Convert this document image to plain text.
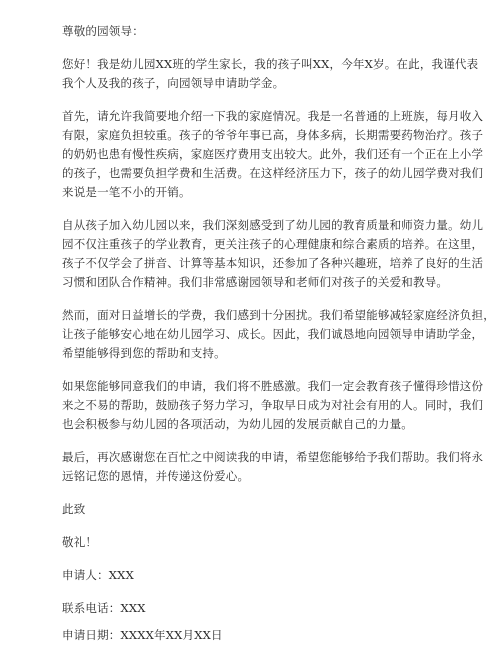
尊敬的园领导：
您好！我是幼儿园XX班的学生家长，我的孩子叫XX，今年X岁。在此，我谨代表
我个人及我的孩子，向园领导申请助学金。
首先，请允许我简要地介绍一下我的家庭情况。我是一名普通的上班族，每月收入
有限，家庭负担较重。孩子的爷爷年事已高，身体多病，长期需要药物治疗。孩子
的奶奶也患有慢性疾病，家庭医疗费用支出较大。此外，我们还有一个正在上小学
的孩子，也需要负担学费和生活费。在这样经济压力下，孩子的幼儿园学费对我们
来说是一笔不小的开销。
自从孩子加入幼儿园以来，我们深刻感受到了幼儿园的教育质量和师资力量。幼儿
园不仅注重孩子的学业教育，更关注孩子的心理健康和综合素质的培养。在这里，
孩子不仅学会了拼音、计算等基本知识，还参加了各种兴趣班，培养了良好的生活
习惯和团队合作精神。我们非常感谢园领导和老师们对孩子的关爱和教导。
然而，面对日益增长的学费，我们感到十分困扰。我们希望能够减轻家庭经济负担，
让孩子能够安心地在幼儿园学习、成长。因此，我们诚恳地向园领导申请助学金，
希望能够得到您的帮助和支持。
如果您能够同意我们的申请，我们将不胜感激。我们一定会教育孩子懂得珍惜这份
来之不易的帮助，鼓励孩子努力学习，争取早日成为对社会有用的人。同时，我们
也会积极参与幼儿园的各项活动，为幼儿园的发展贡献自己的力量。
最后，再次感谢您在百忙之中阅读我的申请，希望您能够给予我们帮助。我们将永
远铭记您的恩情，并传递这份爱心。
此致
敬礼！
申请人：XXX
联系电话：XXX
申请日期：XXXX年XX月XX日
